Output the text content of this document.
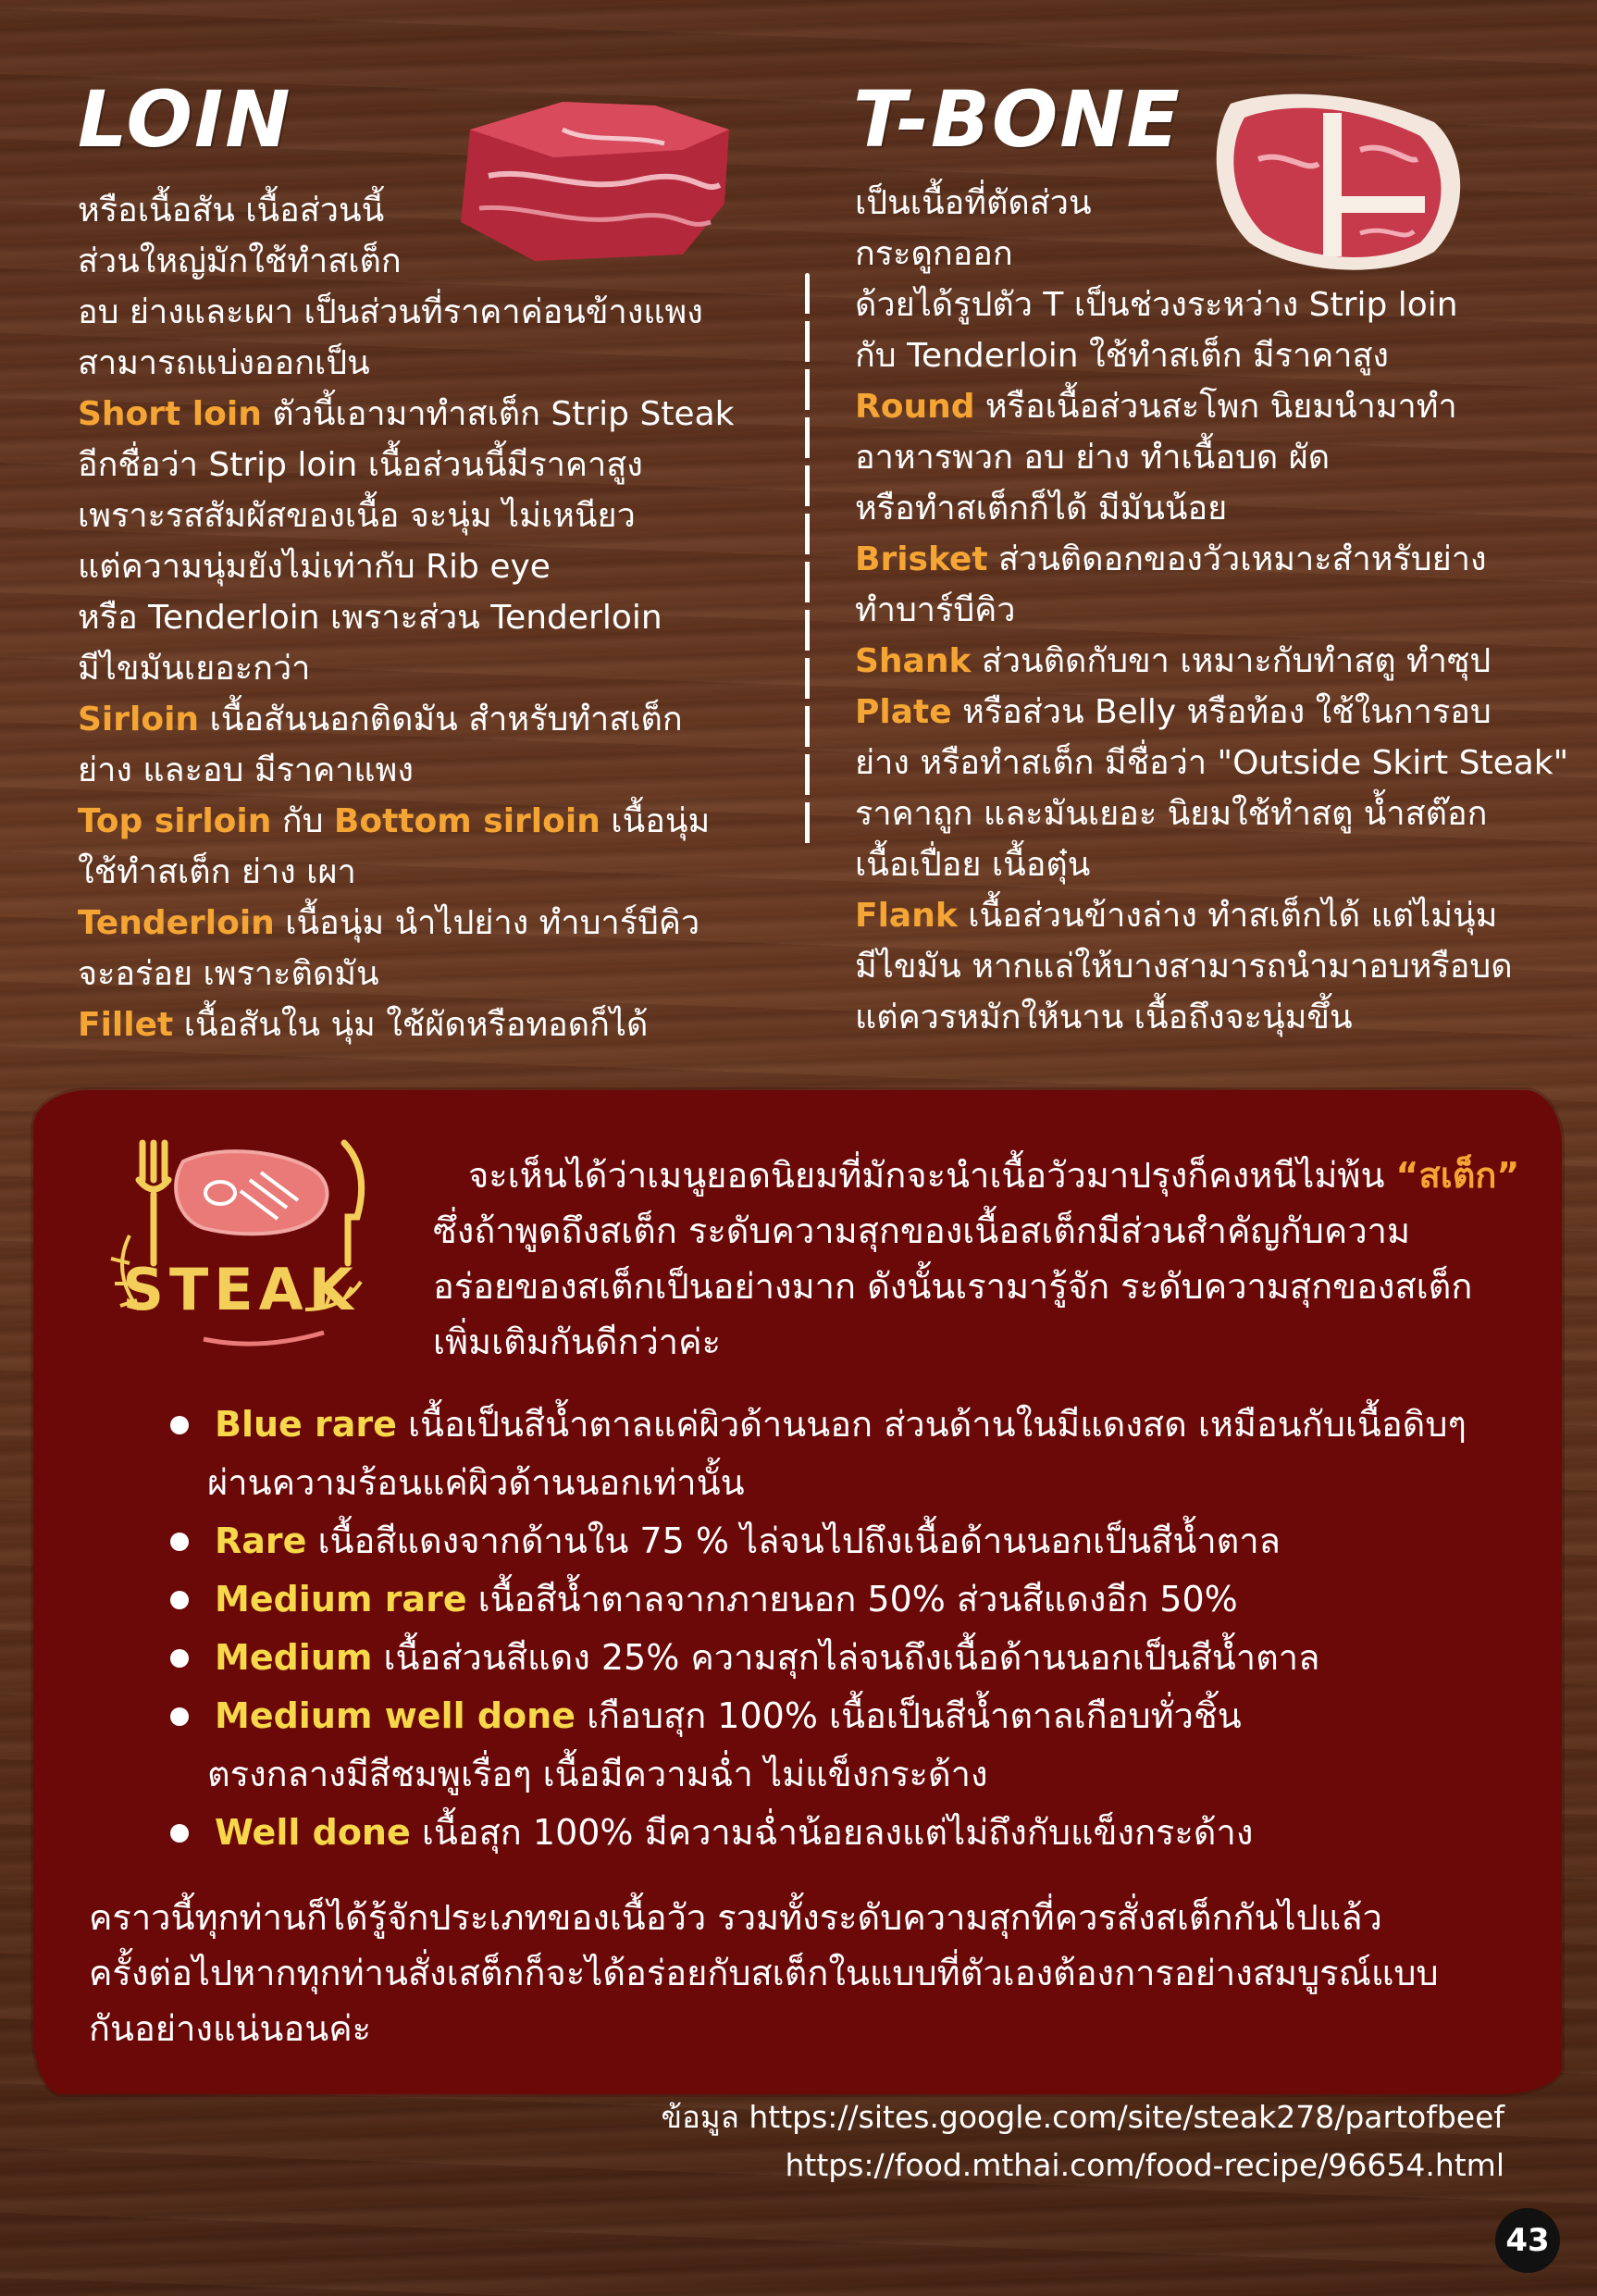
LOIN	T-BONE

หรือเนื้อสัน เนื้อส่วนนี้

ส่วนใหญ่มักใช้ทำสเต็ก

อบ ย่างและเผา เป็นส่วนที่ราคาค่อนข้างแพง

สามารถแบ่งออกเป็น

Short loin ตัวนี้เอามาทำสเต็ก Strip Steak

อีกชื่อว่า Strip loin เนื้อส่วนนี้มีราคาสูง

เพราะรสสัมผัสของเนื้อ จะนุ่ม ไม่เหนียว

แต่ความนุ่มยังไม่เท่ากับ Rib eye

หรือ Tenderloin เพราะส่วน Tenderloin

มีไขมันเยอะกว่า

Sirloin เนื้อสันนอกติดมัน สำหรับทำสเต็ก

ย่าง และอบ มีราคาแพง

Top sirloin กับ Bottom sirloin เนื้อนุ่ม

ใช้ทำสเต็ก ย่าง เผา

Tenderloin เนื้อนุ่ม นำไปย่าง ทำบาร์บีคิว

จะอร่อย เพราะติดมัน

Fillet เนื้อสันใน นุ่ม ใช้ผัดหรือทอดก็ได้

เป็นเนื้อที่ตัดส่วน

กระดูกออก

ด้วยได้รูปตัว T เป็นช่วงระหว่าง Strip loin

กับ Tenderloin ใช้ทำสเต็ก มีราคาสูง

Round หรือเนื้อส่วนสะโพก นิยมนำมาทำ

อาหารพวก อบ ย่าง ทำเนื้อบด ผัด

หรือทำสเต็กก็ได้ มีมันน้อย

Brisket ส่วนติดอกของวัวเหมาะสำหรับย่าง

ทำบาร์บีคิว

Shank ส่วนติดกับขา เหมาะกับทำสตู ทำซุป

Plate หรือส่วน Belly หรือท้อง ใช้ในการอบ

ย่าง หรือทำสเต็ก มีชื่อว่า "Outside Skirt Steak"

ราคาถูก และมันเยอะ นิยมใช้ทำสตู น้ำสต๊อก

เนื้อเปื่อย เนื้อตุ๋น

Flank เนื้อส่วนข้างล่าง ทำสเต็กได้ แต่ไม่นุ่ม

มีไขมัน หากแล่ให้บางสามารถนำมาอบหรือบด

แต่ควรหมักให้นาน เนื้อถึงจะนุ่มขึ้น

STEAK

จะเห็นได้ว่าเมนูยอดนิยมที่มักจะนำเนื้อวัวมาปรุงก็คงหนีไม่พ้น “สเต็ก”

ซึ่งถ้าพูดถึงสเต็ก ระดับความสุกของเนื้อสเต็กมีส่วนสำคัญกับความ

อร่อยของสเต็กเป็นอย่างมาก ดังนั้นเรามารู้จัก ระดับความสุกของสเต็ก

เพิ่มเติมกันดีกว่าค่ะ

Blue rare เนื้อเป็นสีน้ำตาลแค่ผิวด้านนอก ส่วนด้านในมีแดงสด เหมือนกับเนื้อดิบๆ
ผ่านความร้อนแค่ผิวด้านนอกเท่านั้น
Rare เนื้อสีแดงจากด้านใน 75 % ไล่จนไปถึงเนื้อด้านนอกเป็นสีน้ำตาล
Medium rare เนื้อสีน้ำตาลจากภายนอก 50% ส่วนสีแดงอีก 50%
Medium เนื้อส่วนสีแดง 25% ความสุกไล่จนถึงเนื้อด้านนอกเป็นสีน้ำตาล
Medium well done เกือบสุก 100% เนื้อเป็นสีน้ำตาลเกือบทั่วชิ้น
ตรงกลางมีสีชมพูเรื่อๆ เนื้อมีความฉ่ำ ไม่แข็งกระด้าง
Well done เนื้อสุก 100% มีความฉ่ำน้อยลงแต่ไม่ถึงกับแข็งกระด้าง

คราวนี้ทุกท่านก็ได้รู้จักประเภทของเนื้อวัว รวมทั้งระดับความสุกที่ควรสั่งสเต็กกันไปแล้ว

ครั้งต่อไปหากทุกท่านสั่งเสต็กก็จะได้อร่อยกับสเต็กในแบบที่ตัวเองต้องการอย่างสมบูรณ์แบบ

กันอย่างแน่นอนค่ะ

ข้อมูล https://sites.google.com/site/steak278/partofbeef

https://food.mthai.com/food-recipe/96654.html

43
